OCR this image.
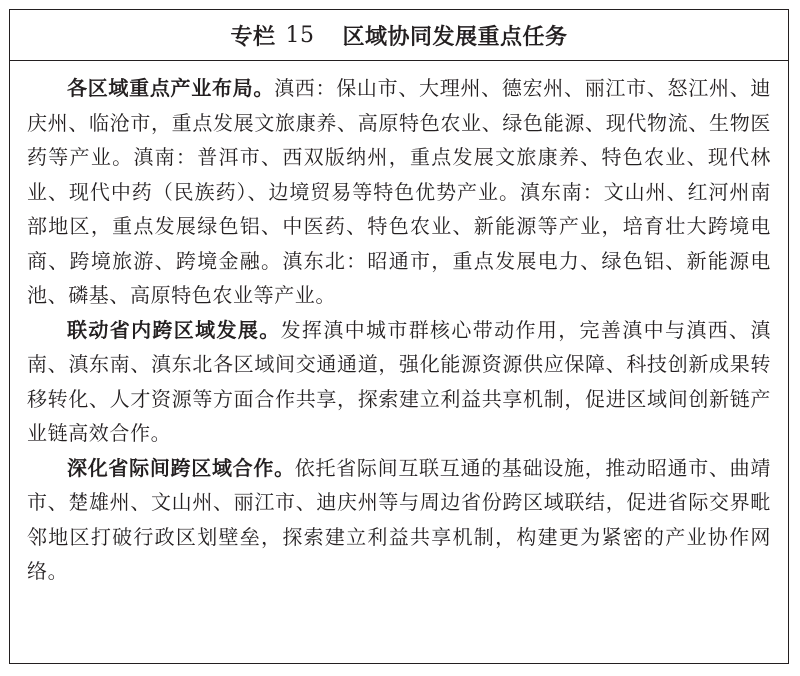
专栏 15 区域协同发展重点任务

各区域重点产业布局。滇西：保山市、大理州、德宏州、丽江市、怒江州、迪庆州、临沧市，重点发展文旅康养、高原特色农业、绿色能源、现代物流、生物医药等产业。滇南：普洱市、西双版纳州，重点发展文旅康养、特色农业、现代林业、现代中药（民族药）、边境贸易等特色优势产业。滇东南：文山州、红河州南部地区，重点发展绿色铝、中医药、特色农业、新能源等产业，培育壮大跨境电商、跨境旅游、跨境金融。滇东北：昭通市，重点发展电力、绿色铝、新能源电池、磷基、高原特色农业等产业。

联动省内跨区域发展。发挥滇中城市群核心带动作用，完善滇中与滇西、滇南、滇东南、滇东北各区域间交通通道，强化能源资源供应保障、科技创新成果转移转化、人才资源等方面合作共享，探索建立利益共享机制，促进区域间创新链产业链高效合作。

深化省际间跨区域合作。依托省际间互联互通的基础设施，推动昭通市、曲靖市、楚雄州、文山州、丽江市、迪庆州等与周边省份跨区域联结，促进省际交界毗邻地区打破行政区划壁垒，探索建立利益共享机制，构建更为紧密的产业协作网络。
